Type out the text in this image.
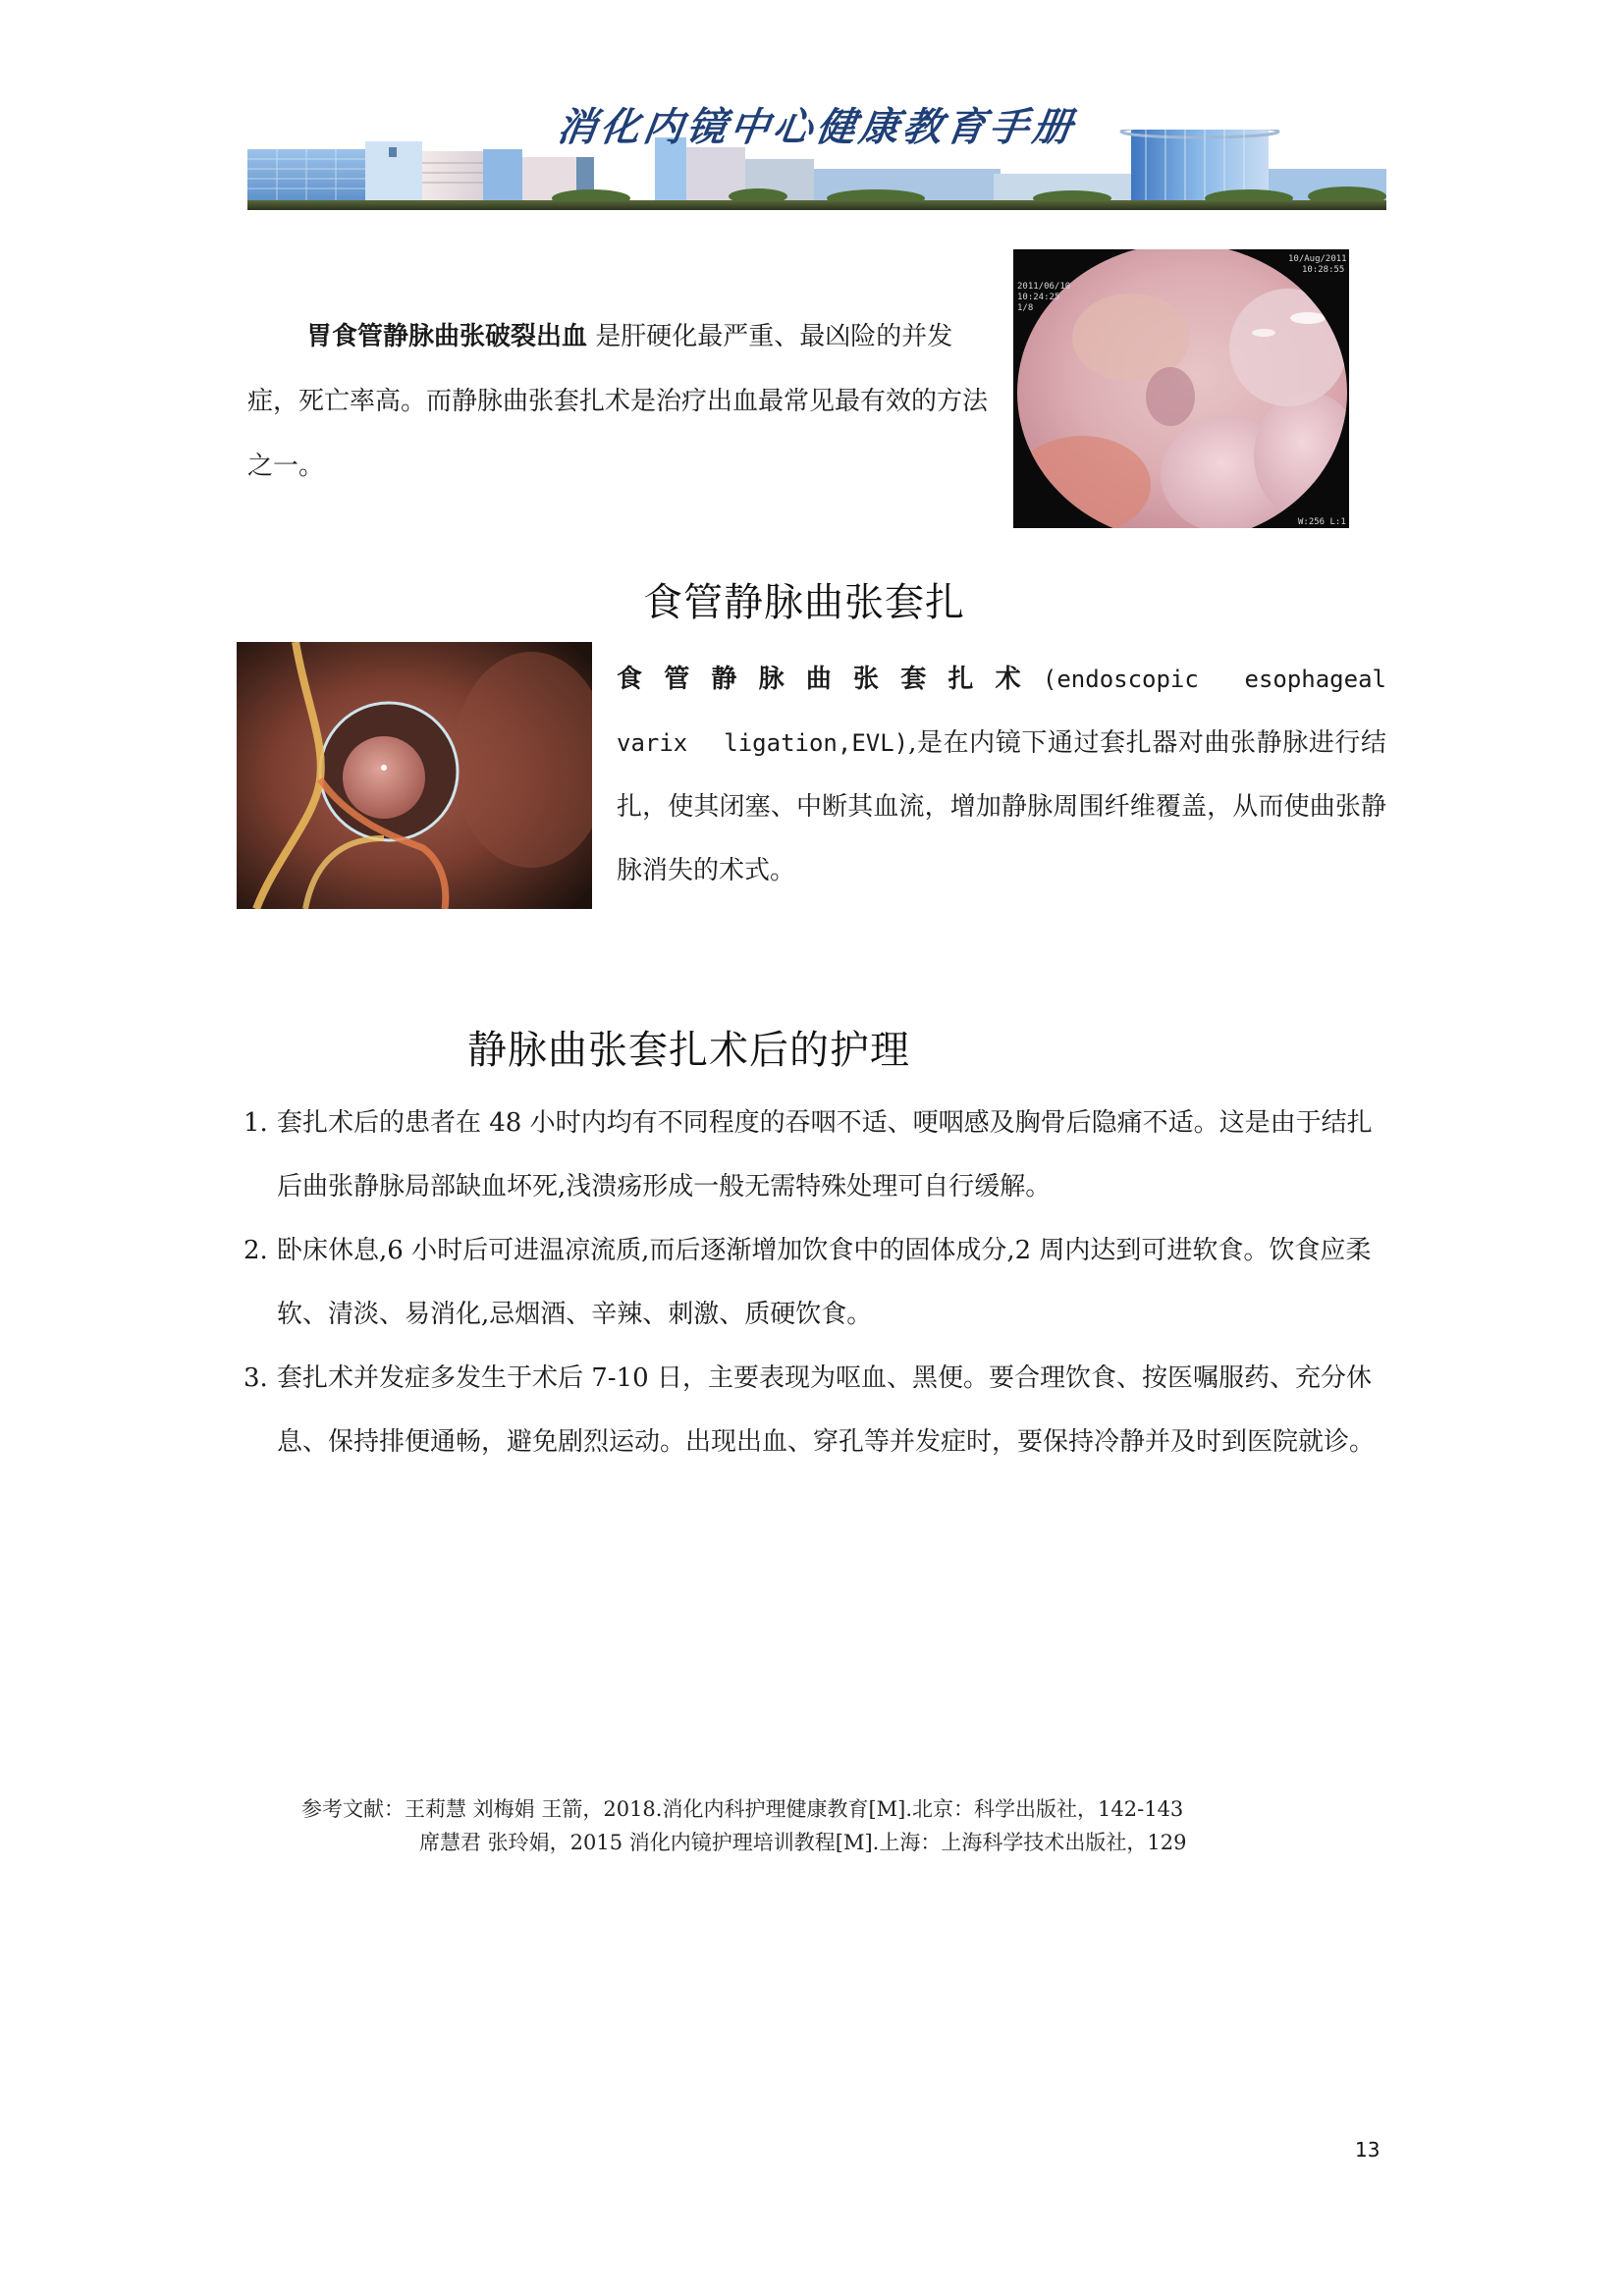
消化内镜中心健康教育手册

胃食管静脉曲张破裂出血 是肝硬化最严重、最凶险的并发症，死亡率高。而静脉曲张套扎术是治疗出血最常见最有效的方法之一。

2011/06/10
10:24:25
1/8
10/Aug/2011
10:28:55
W:256 L:1
食管静脉曲张套扎

食管静脉曲张套扎术(endoscopic esophageal varix ligation,EVL),是在内镜下通过套扎器对曲张静脉进行结扎，使其闭塞、中断其血流，增加静脉周围纤维覆盖，从而使曲张静脉消失的术式。

静脉曲张套扎术后的护理
1. 套扎术后的患者在 48 小时内均有不同程度的吞咽不适、哽咽感及胸骨后隐痛不适。这是由于结扎后曲张静脉局部缺血坏死,浅溃疡形成一般无需特殊处理可自行缓解。
2. 卧床休息,6 小时后可进温凉流质,而后逐渐增加饮食中的固体成分,2 周内达到可进软食。饮食应柔软、清淡、易消化,忌烟酒、辛辣、刺激、质硬饮食。
3. 套扎术并发症多发生于术后 7-10 日，主要表现为呕血、黑便。要合理饮食、按医嘱服药、充分休息、保持排便通畅，避免剧烈运动。出现出血、穿孔等并发症时，要保持冷静并及时到医院就诊。
参考文献：王莉慧 刘梅娟 王箭，2018.消化内科护理健康教育[M].北京：科学出版社，142-143
席慧君 张玲娟，2015 消化内镜护理培训教程[M].上海：上海科学技术出版社，129
13
